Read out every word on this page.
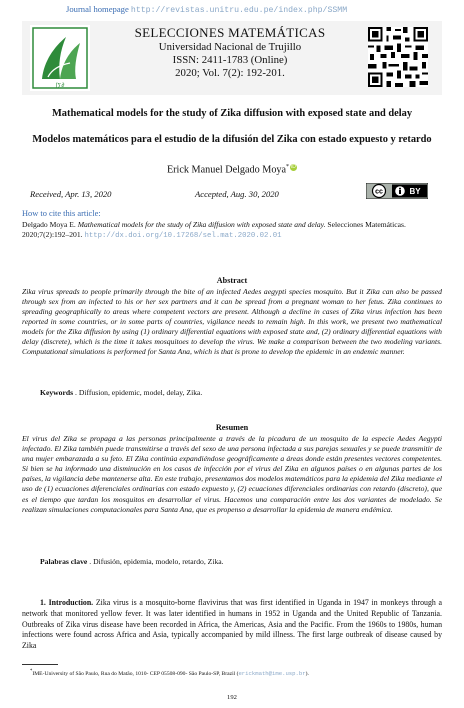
Journal homepage http://revistas.unitru.edu.pe/index.php/SSMM
∫∑∂
SELECCIONES MATEMÁTICAS
Universidad Nacional de Trujillo
ISSN: 2411-1783 (Online)
2020; Vol. 7(2): 192-201.
Mathematical models for the study of Zika diffusion with exposed state and delay
Modelos matemáticos para el estudio de la difusión del Zika con estado expuesto y retardo
Erick Manuel Delgado Moya* iD
Received, Apr. 13, 2020	Accepted, Aug. 30, 2020	cc	BY
How to cite this article:
Delgado Moya E. Mathematical models for the study of Zika diffusion with exposed state and delay. Selecciones Matemáticas. 2020;7(2):192–201. http://dx.doi.org/10.17268/sel.mat.2020.02.01
Abstract
Zika virus spreads to people primarily through the bite of an infected Aedes aegypti species mosquito. But it Zika can also be passed through sex from an infected to his or her sex partners and it can be spread from a pregnant woman to her fetus. Zika continues to spreading geographically to areas where competent vectors are present. Although a decline in cases of Zika virus infection has been reported in some countries, or in some parts of countries, vigilance needs to remain high. In this work, we present two mathematical models for the Zika diffusion by using (1) ordinary differential equations with exposed state and, (2) ordinary differential equations with delay (discrete), which is the time it takes mosquitoes to develop the virus. We make a comparison between the two modeling variants. Computational simulations is performed for Santa Ana, which is that is prone to develop the epidemic in an endemic manner.
Keywords . Diffusion, epidemic, model, delay, Zika.
Resumen
El virus del Zika se propaga a las personas principalmente a través de la picadura de un mosquito de la especie Aedes Aegypti infectado. El Zika también puede transmitirse a través del sexo de una persona infectada a sus parejas sexuales y se puede transmitir de una mujer embarazada a su feto. El Zika continúa expandiéndose geográficamente a áreas donde están presentes vectores competentes. Si bien se ha informado una disminución en los casos de infección por el virus del Zika en algunos países o en algunas partes de los países, la vigilancia debe mantenerse alta. En este trabajo, presentamos dos modelos matemáticos para la epidemia del Zika mediante el uso de (1) ecuaciones diferenciales ordinarias con estado expuesto y, (2) ecuaciones diferenciales ordinarias con retardo (discreto), que es el tiempo que tardan los mosquitos en desarrollar el virus. Hacemos una comparación entre las dos variantes de modelado. Se realizan simulaciones computacionales para Santa Ana, que es propenso a desarrollar la epidemia de manera endémica.
Palabras clave . Difusión, epidemia, modelo, retardo, Zika.
1. Introduction. Zika virus is a mosquito-borne flavivirus that was first identified in Uganda in 1947 in monkeys through a network that monitored yellow fever. It was later identified in humans in 1952 in Uganda and the United Republic of Tanzania. Outbreaks of Zika virus disease have been recorded in Africa, the Americas, Asia and the Pacific. From the 1960s to 1980s, human infections were found across Africa and Asia, typically accompanied by mild illness. The first large outbreak of disease caused by Zika
*IME-University of São Paulo, Rua do Matão, 1010- CEP 05508-090- São Paulo-SP, Brazil (erickmath@ime.usp.br).
192
